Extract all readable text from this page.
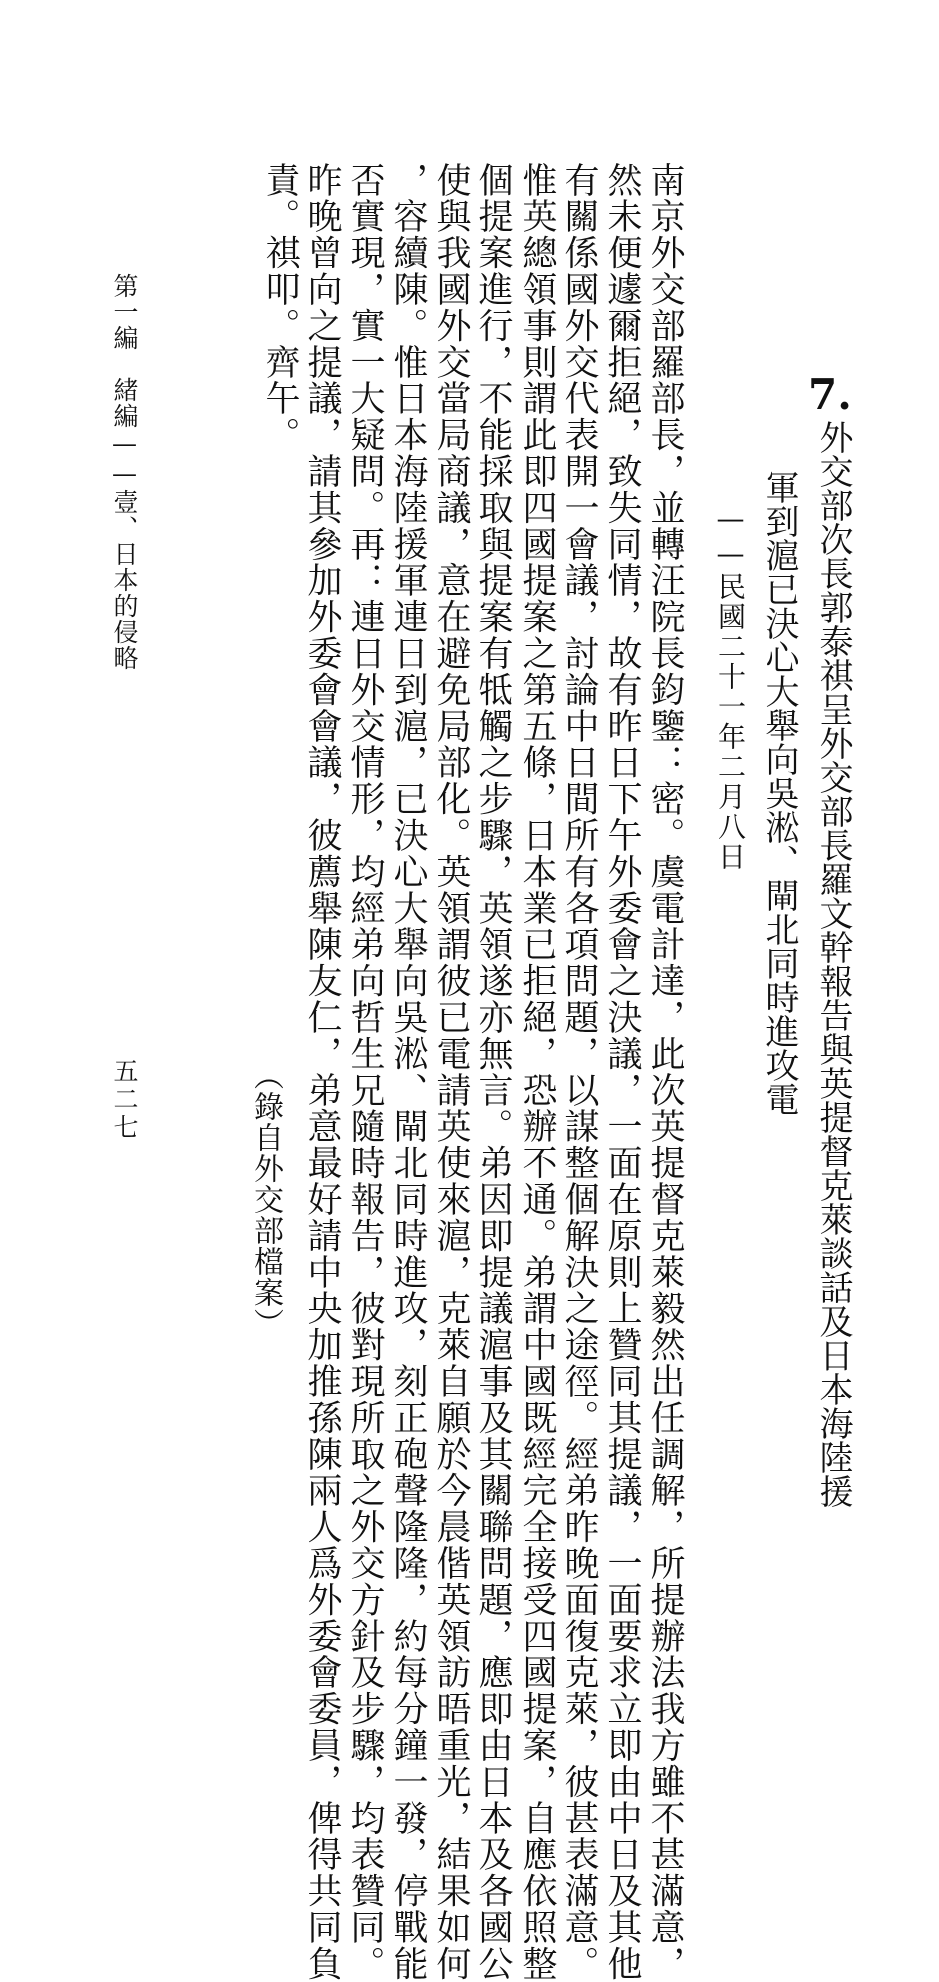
7.
外交部次長郭泰祺呈外交部長羅文幹報告與英提督克萊談話及日本海陸援
軍到滬已決心大舉向吳淞、閘北同時進攻電
——民國二十一年二月八日
南京外交部羅部長，並轉汪院長鈞鑒：密。虞電計達，此次英提督克萊毅然出任調解，所提辦法我方雖不甚滿意，
然未便遽爾拒絕，致失同情，故有昨日下午外委會之決議，一面在原則上贊同其提議，一面要求立即由中日及其他
有關係國外交代表開一會議，討論中日間所有各項問題，以謀整個解決之途徑。經弟昨晚面復克萊，彼甚表滿意。
惟英總領事則謂此即四國提案之第五條，日本業已拒絕，恐辦不通。弟謂中國既經完全接受四國提案，自應依照整
個提案進行，不能採取與提案有牴觸之步驟，英領遂亦無言。弟因即提議滬事及其關聯問題，應即由日本及各國公
使與我國外交當局商議，意在避免局部化。英領謂彼已電請英使來滬，克萊自願於今晨偕英領訪晤重光，結果如何
，容續陳。惟日本海陸援軍連日到滬，已決心大舉向吳淞、閘北同時進攻，刻正砲聲隆隆，約每分鐘一發，停戰能
否實現，實一大疑問。再：連日外交情形，均經弟向哲生兄隨時報告，彼對現所取之外交方針及步驟，均表贊同。
昨晚曾向之提議，請其參加外委會會議，彼薦舉陳友仁，弟意最好請中央加推孫陳兩人爲外委會委員，俾得共同負
責。祺叩。齊午。
（錄自外交部檔案）
第一編　緒編——壹、日本的侵略
五二七
